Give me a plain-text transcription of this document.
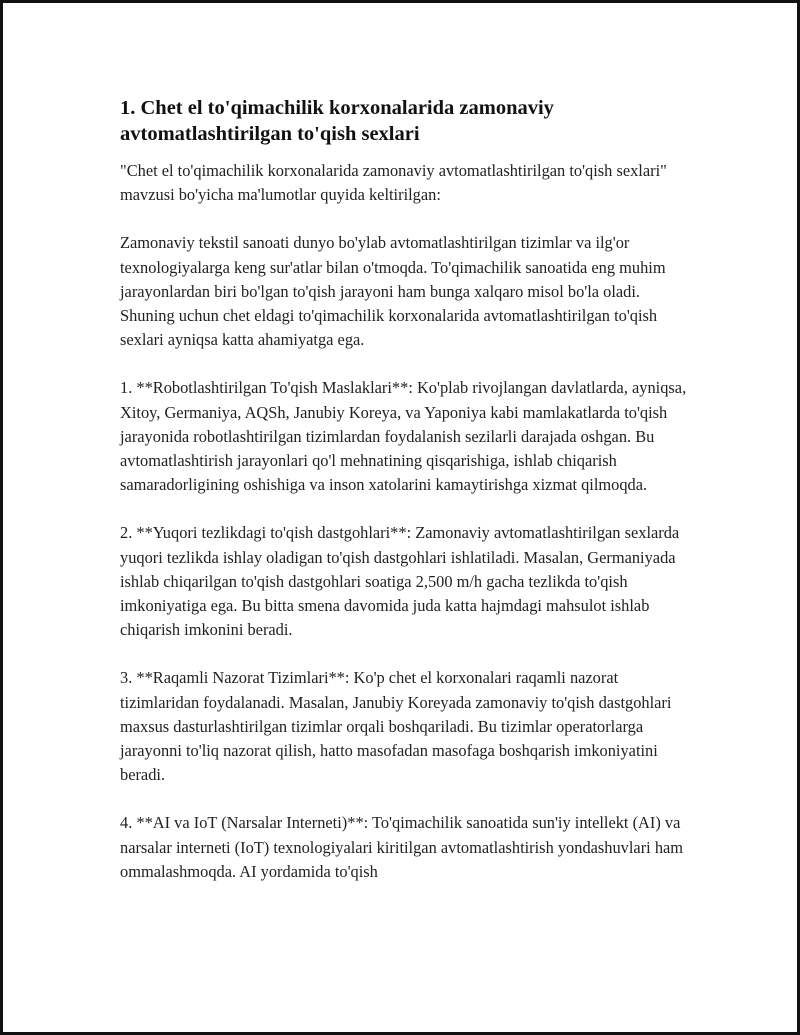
1. Chet el to'qimachilik korxonalarida zamonaviy avtomatlashtirilgan to'qish sexlari

"Chet el to'qimachilik korxonalarida zamonaviy avtomatlashtirilgan to'qish sexlari" mavzusi bo'yicha ma'lumotlar quyida keltirilgan:

Zamonaviy tekstil sanoati dunyo bo'ylab avtomatlashtirilgan tizimlar va ilg'or texnologiyalarga keng sur'atlar bilan o'tmoqda. To'qimachilik sanoatida eng muhim jarayonlardan biri bo'lgan to'qish jarayoni ham bunga xalqaro misol bo'la oladi. Shuning uchun chet eldagi to'qimachilik korxonalarida avtomatlashtirilgan to'qish sexlari ayniqsa katta ahamiyatga ega.

1. **Robotlashtirilgan To'qish Maslaklari**: Ko'plab rivojlangan davlatlarda, ayniqsa, Xitoy, Germaniya, AQSh, Janubiy Koreya, va Yaponiya kabi mamlakatlarda to'qish jarayonida robotlashtirilgan tizimlardan foydalanish sezilarli darajada oshgan. Bu avtomatlashtirish jarayonlari qo'l mehnatining qisqarishiga, ishlab chiqarish samaradorligining oshishiga va inson xatolarini kamaytirishga xizmat qilmoqda.

2. **Yuqori tezlikdagi to'qish dastgohlari**: Zamonaviy avtomatlashtirilgan sexlarda yuqori tezlikda ishlay oladigan to'qish dastgohlari ishlatiladi. Masalan, Germaniyada ishlab chiqarilgan to'qish dastgohlari soatiga 2,500 m/h gacha tezlikda to'qish imkoniyatiga ega. Bu bitta smena davomida juda katta hajmdagi mahsulot ishlab chiqarish imkonini beradi.

3. **Raqamli Nazorat Tizimlari**: Ko'p chet el korxonalari raqamli nazorat tizimlaridan foydalanadi. Masalan, Janubiy Koreyada zamonaviy to'qish dastgohlari maxsus dasturlashtirilgan tizimlar orqali boshqariladi. Bu tizimlar operatorlarga jarayonni to'liq nazorat qilish, hatto masofadan masofaga boshqarish imkoniyatini beradi.

4. **AI va IoT (Narsalar Interneti)**: To'qimachilik sanoatida sun'iy intellekt (AI) va narsalar interneti (IoT) texnologiyalari kiritilgan avtomatlashtirish yondashuvlari ham ommalashmoqda. AI yordamida to'qish
